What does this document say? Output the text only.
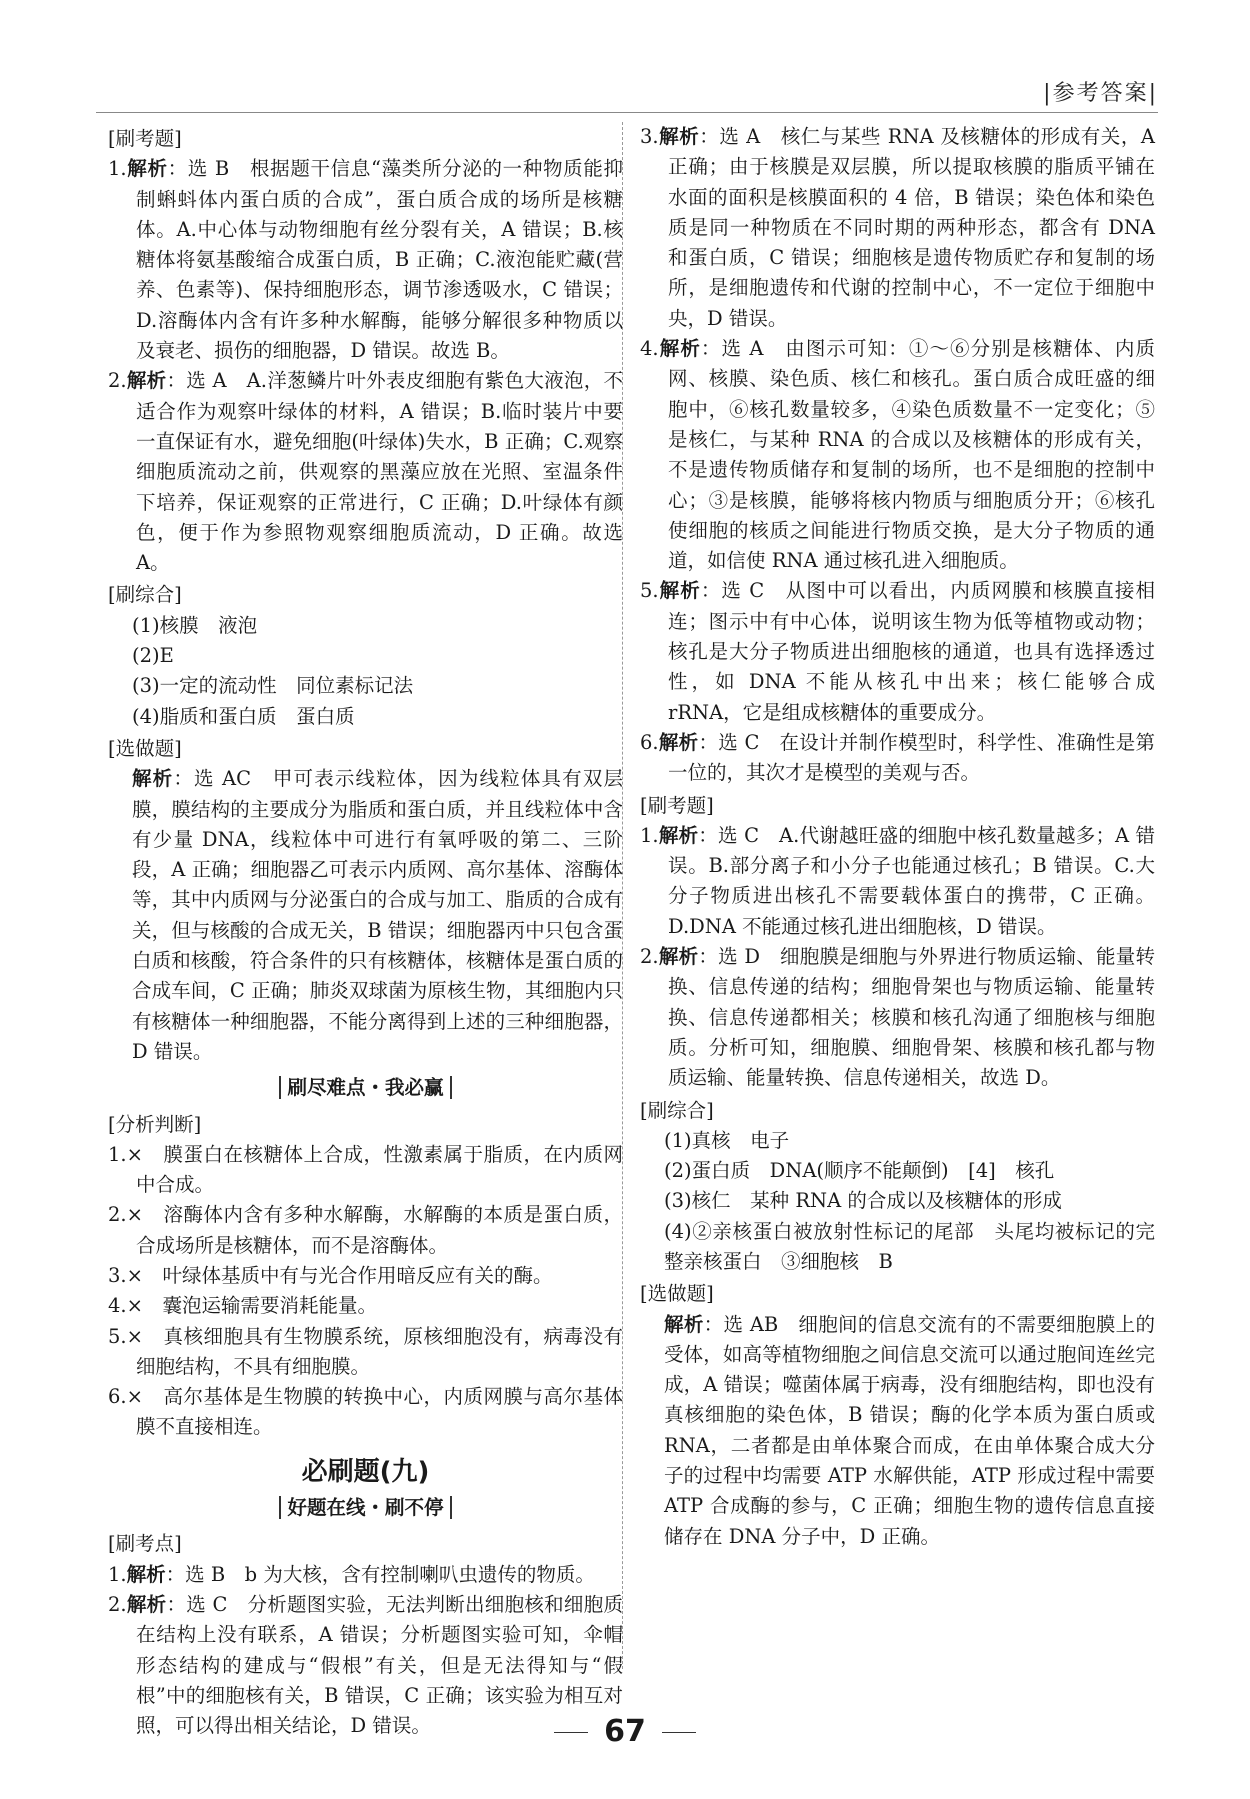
|参考答案|
[ 刷考题 ]

1.解析：选 B　根据题干信息“藻类所分泌的一种物质能抑制蝌蚪体内蛋白质的合成”，蛋白质合成的场所是核糖体。A.中心体与动物细胞有丝分裂有关，A 错误；B.核糖体将氨基酸缩合成蛋白质，B 正确；C.液泡能贮藏(营养、色素等)、保持细胞形态，调节渗透吸水，C 错误；D.溶酶体内含有许多种水解酶，能够分解很多种物质以及衰老、损伤的细胞器，D 错误。故选 B。

2.解析：选 A　A.洋葱鳞片叶外表皮细胞有紫色大液泡，不适合作为观察叶绿体的材料，A 错误；B.临时装片中要一直保证有水，避免细胞(叶绿体)失水，B 正确；C.观察细胞质流动之前，供观察的黑藻应放在光照、室温条件下培养，保证观察的正常进行，C 正确；D.叶绿体有颜色，便于作为参照物观察细胞质流动，D 正确。故选 A。

[ 刷综合 ]

(1)核膜　液泡

(2)E

(3)一定的流动性　同位素标记法

(4)脂质和蛋白质　蛋白质

[ 选做题 ]

解析：选 AC　甲可表示线粒体，因为线粒体具有双层膜，膜结构的主要成分为脂质和蛋白质，并且线粒体中含有少量 DNA，线粒体中可进行有氧呼吸的第二、三阶段，A 正确；细胞器乙可表示内质网、高尔基体、溶酶体等，其中内质网与分泌蛋白的合成与加工、脂质的合成有关，但与核酸的合成无关，B 错误；细胞器丙中只包含蛋白质和核酸，符合条件的只有核糖体，核糖体是蛋白质的合成车间，C 正确；肺炎双球菌为原核生物，其细胞内只有核糖体一种细胞器，不能分离得到上述的三种细胞器，D 错误。

刷尽难点・我必赢
[ 分析判断 ]

1.×　膜蛋白在核糖体上合成，性激素属于脂质，在内质网中合成。

2.×　溶酶体内含有多种水解酶，水解酶的本质是蛋白质，合成场所是核糖体，而不是溶酶体。

3.×　叶绿体基质中有与光合作用暗反应有关的酶。

4.×　囊泡运输需要消耗能量。

5.×　真核细胞具有生物膜系统，原核细胞没有，病毒没有细胞结构，不具有细胞膜。

6.×　高尔基体是生物膜的转换中心，内质网膜与高尔基体膜不直接相连。

必刷题(九)
好题在线・刷不停
[ 刷考点 ]

1.解析：选 B　b 为大核，含有控制喇叭虫遗传的物质。

2.解析：选 C　分析题图实验，无法判断出细胞核和细胞质在结构上没有联系，A 错误；分析题图实验可知，伞帽形态结构的建成与“假根”有关，但是无法得知与“假根”中的细胞核有关，B 错误，C 正确；该实验为相互对照，可以得出相关结论，D 错误。

3.解析：选 A　核仁与某些 RNA 及核糖体的形成有关，A 正确；由于核膜是双层膜，所以提取核膜的脂质平铺在水面的面积是核膜面积的 4 倍，B 错误；染色体和染色质是同一种物质在不同时期的两种形态，都含有 DNA 和蛋白质，C 错误；细胞核是遗传物质贮存和复制的场所，是细胞遗传和代谢的控制中心，不一定位于细胞中央，D 错误。

4.解析：选 A　由图示可知：①～⑥分别是核糖体、内质网、核膜、染色质、核仁和核孔。蛋白质合成旺盛的细胞中，⑥核孔数量较多，④染色质数量不一定变化；⑤是核仁，与某种 RNA 的合成以及核糖体的形成有关，不是遗传物质储存和复制的场所，也不是细胞的控制中心；③是核膜，能够将核内物质与细胞质分开；⑥核孔使细胞的核质之间能进行物质交换，是大分子物质的通道，如信使 RNA 通过核孔进入细胞质。

5.解析：选 C　从图中可以看出，内质网膜和核膜直接相连；图示中有中心体，说明该生物为低等植物或动物；核孔是大分子物质进出细胞核的通道，也具有选择透过性，如 DNA 不能从核孔中出来；核仁能够合成 rRNA，它是组成核糖体的重要成分。

6.解析：选 C　在设计并制作模型时，科学性、准确性是第一位的，其次才是模型的美观与否。

[ 刷考题 ]

1.解析：选 C　A.代谢越旺盛的细胞中核孔数量越多；A 错误。B.部分离子和小分子也能通过核孔；B 错误。C.大分子物质进出核孔不需要载体蛋白的携带，C 正确。D.DNA 不能通过核孔进出细胞核，D 错误。

2.解析：选 D　细胞膜是细胞与外界进行物质运输、能量转换、信息传递的结构；细胞骨架也与物质运输、能量转换、信息传递都相关；核膜和核孔沟通了细胞核与细胞质。分析可知，细胞膜、细胞骨架、核膜和核孔都与物质运输、能量转换、信息传递相关，故选 D。

[ 刷综合 ]

(1)真核　电子

(2)蛋白质　DNA(顺序不能颠倒)　[4]　核孔

(3)核仁　某种 RNA 的合成以及核糖体的形成

(4)②亲核蛋白被放射性标记的尾部　头尾均被标记的完整亲核蛋白　③细胞核　B

[ 选做题 ]

解析：选 AB　细胞间的信息交流有的不需要细胞膜上的受体，如高等植物细胞之间信息交流可以通过胞间连丝完成，A 错误；噬菌体属于病毒，没有细胞结构，即也没有真核细胞的染色体，B 错误；酶的化学本质为蛋白质或 RNA，二者都是由单体聚合而成，在由单体聚合成大分子的过程中均需要 ATP 水解供能，ATP 形成过程中需要 ATP 合成酶的参与，C 正确；细胞生物的遗传信息直接储存在 DNA 分子中，D 正确。

67
